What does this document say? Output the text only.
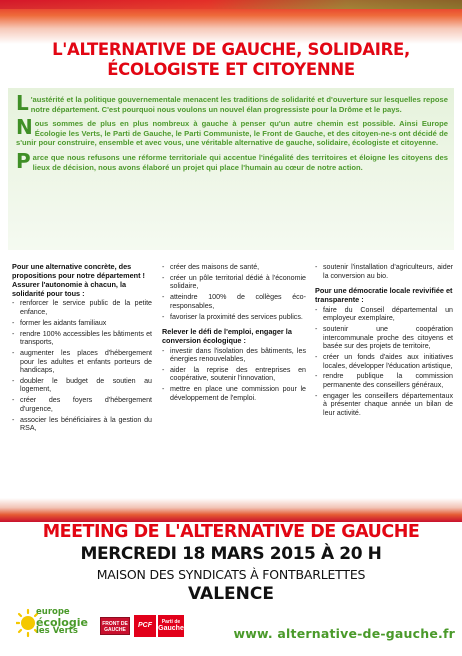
L'ALTERNATIVE DE GAUCHE, SOLIDAIRE,
ÉCOLOGISTE ET CITOYENNE

L 'austérité et la politique gouvernementale menacent les traditions de solidarité et d'ouverture sur lesquelles repose notre département. C'est pourquoi nous voulons un nouvel élan progressiste pour la Drôme et le pays.

Nous sommes de plus en plus nombreux à gauche à penser qu'un autre chemin est possible. Ainsi Europe Écologie les Verts, le Parti de Gauche, le Parti Communiste, le Front de Gauche, et des citoyen-ne-s ont décidé de s'unir pour construire, ensemble et avec vous, une véritable alternative de gauche, solidaire, écologiste et citoyenne.

Parce que nous refusons une réforme territoriale qui accentue l'inégalité des territoires et éloigne les citoyens des lieux de décision, nous avons élaboré un projet qui place l'humain au cœur de notre action.

Pour une alternative concrète, des propositions pour notre département !
Assurer l'autonomie à chacun, la solidarité pour tous :
- renforcer le service public de la petite enfance,
- former les aidants familiaux
- rendre 100% accessibles les bâtiments et transports,
- augmenter les places d'hébergement pour les adultes et enfants porteurs de handicaps,
- doubler le budget de soutien au logement,
- créer des foyers d'hébergement d'urgence,
- associer les bénéficiaires à la gestion du RSA,
- créer des maisons de santé,
- créer un pôle territorial dédié à l'économie solidaire,
- atteindre 100% de collèges éco-responsables,
- favoriser la proximité des services publics.
Relever le défi de l'emploi, engager la conversion écologique :
- investir dans l'isolation des bâtiments, les énergies renouvelables,
- aider la reprise des entreprises en coopérative, soutenir l'innovation,
- mettre en place une commission pour le développement de l'emploi.
- soutenir l'installation d'agriculteurs, aider la conversion au bio.
Pour une démocratie locale revivifiée et transparente :
- faire du Conseil départemental un employeur exemplaire,
- soutenir une coopération intercommunale proche des citoyens et basée sur des projets de territoire,
- créer un fonds d'aides aux initiatives locales, développer l'éducation artistique,
- rendre publique la commission permanente des conseillers généraux,
- engager les conseillers départementaux à présenter chaque année un bilan de leur activité.
MEETING DE L'ALTERNATIVE DE GAUCHE
MERCREDI 18 MARS 2015 À 20 H
MAISON DES SYNDICATS À FONTBARLETTES
VALENCE
europe
écologie
les Verts
FRONT DE GAUCHE
PCF	Parti de
Gauche	www. alternative-de-gauche.fr
